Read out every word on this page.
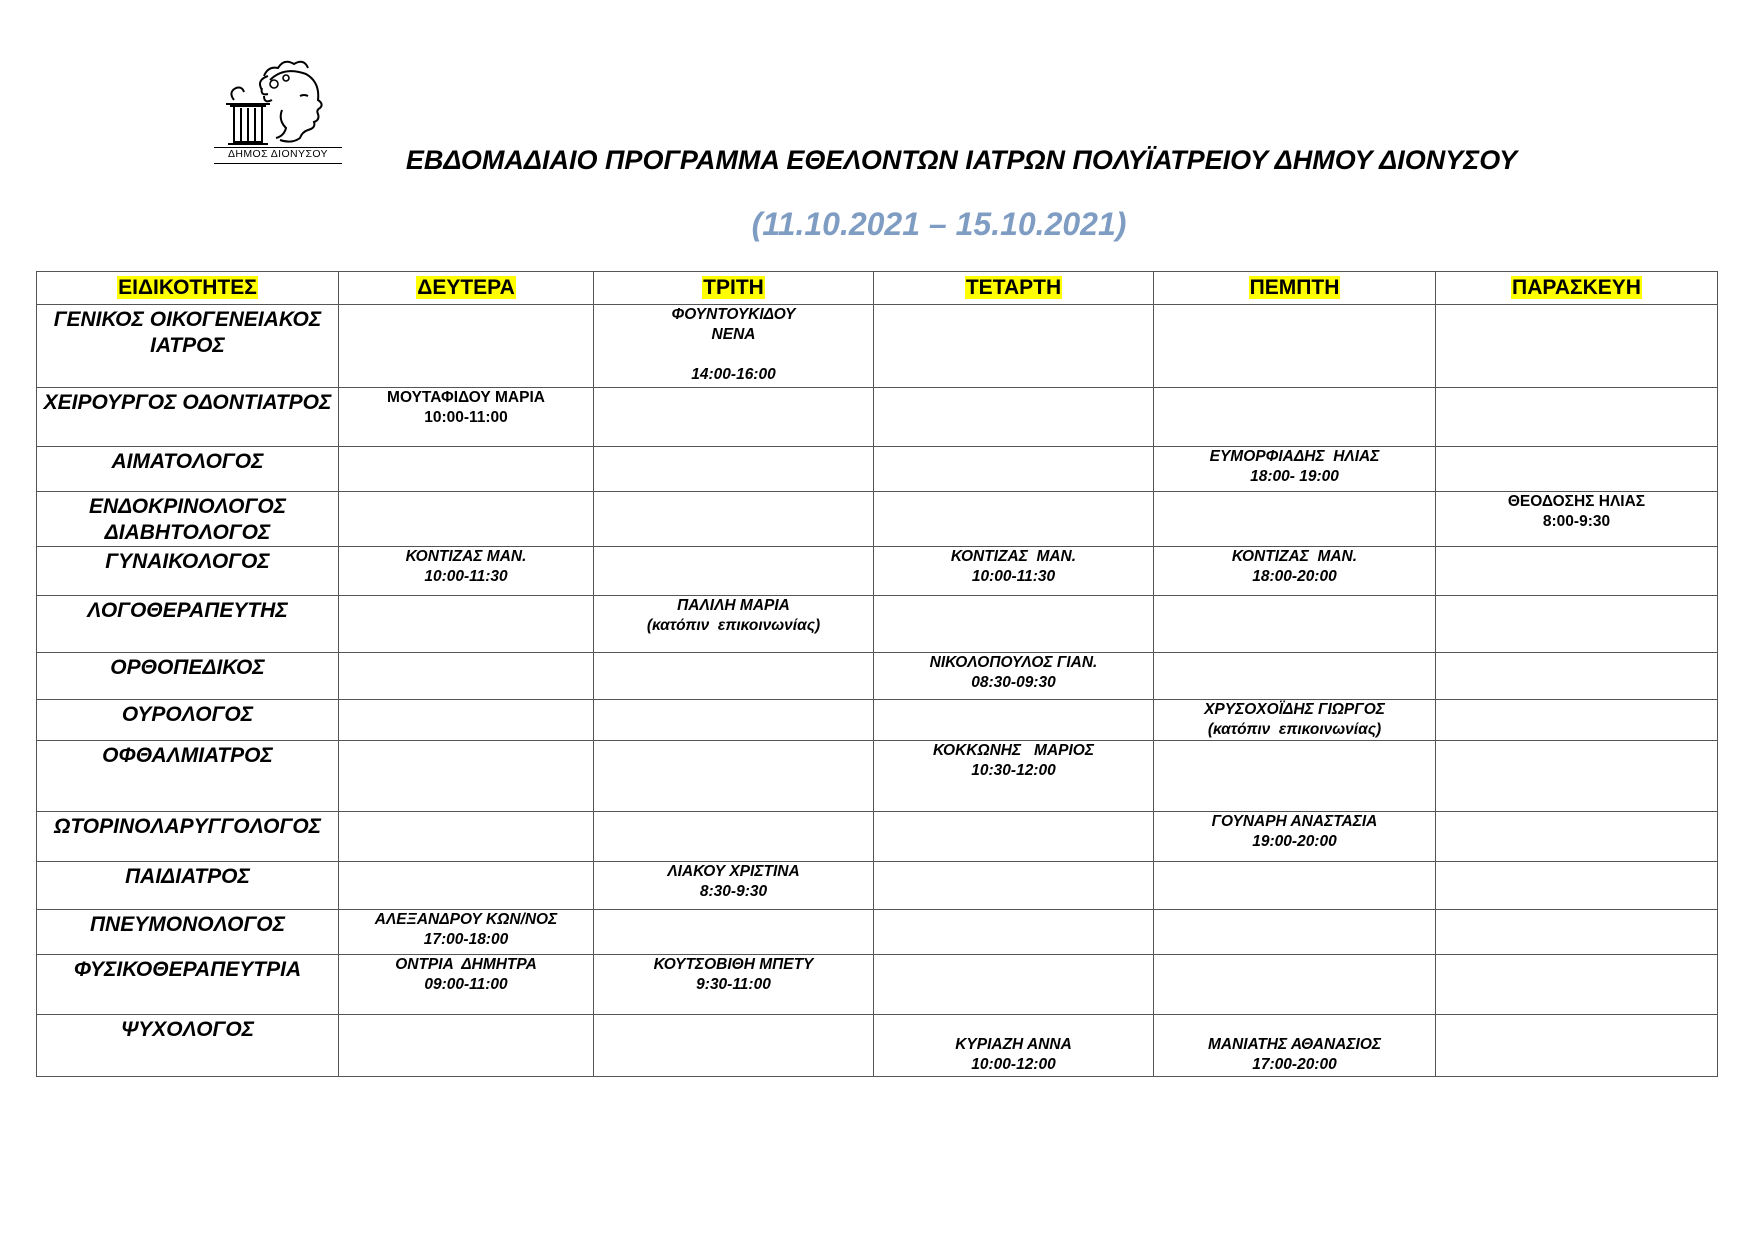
ΔΗΜΟΣ ΔΙΟΝΥΣΟΥ	ΕΒΔΟΜΑΔΙΑΙΟ ΠΡΟΓΡΑΜΜΑ ΕΘΕΛΟΝΤΩΝ ΙΑΤΡΩΝ ΠΟΛΥΪΑΤΡΕΙΟΥ ΔΗΜΟΥ ΔΙΟΝΥΣΟΥ
(11.10.2021 – 15.10.2021)
ΕΙΔΙΚΟΤΗΤΕΣ	ΔΕΥΤΕΡΑ	ΤΡΙΤΗ	ΤΕΤΑΡΤΗ	ΠΕΜΠΤΗ	ΠΑΡΑΣΚΕΥΗ
ΓΕΝΙΚΟΣ ΟΙΚΟΓΕΝΕΙΑΚΟΣ ΙΑΤΡΟΣ		ΦΟΥΝΤΟΥΚΙΔΟΥ
ΝΕΝΑ

14:00-16:00			

ΧΕΙΡΟΥΡΓΟΣ ΟΔΟΝΤΙΑΤΡΟΣ	ΜΟΥΤΑΦΙΔΟΥ ΜΑΡΙΑ
10:00-11:00				

ΑΙΜΑΤΟΛΟΓΟΣ				ΕΥΜΟΡΦΙΑΔΗΣ  ΗΛΙΑΣ
18:00- 19:00	

ΕΝΔΟΚΡΙΝΟΛΟΓΟΣ ΔΙΑΒΗΤΟΛΟΓΟΣ					ΘΕΟΔΟΣΗΣ ΗΛΙΑΣ
8:00-9:30

ΓΥΝΑΙΚΟΛΟΓΟΣ	ΚΟΝΤΙΖΑΣ ΜΑΝ.
10:00-11:30		ΚΟΝΤΙΖΑΣ  ΜΑΝ.
10:00-11:30	ΚΟΝΤΙΖΑΣ  ΜΑΝ.
18:00-20:00	

ΛΟΓΟΘΕΡΑΠΕΥΤΗΣ		ΠΑΛΙΛΗ ΜΑΡΙΑ
(κατόπιν  επικοινωνίας)			

ΟΡΘΟΠΕΔΙΚΟΣ			ΝΙΚΟΛΟΠΟΥΛΟΣ ΓΙΑΝ.
08:30-09:30		

ΟΥΡΟΛΟΓΟΣ				ΧΡΥΣΟΧΟΪΔΗΣ ΓΙΩΡΓΟΣ
(κατόπιν  επικοινωνίας)	

ΟΦΘΑΛΜΙΑΤΡΟΣ			ΚΟΚΚΩΝΗΣ   ΜΑΡΙΟΣ
10:30-12:00		

ΩΤΟΡΙΝΟΛΑΡΥΓΓΟΛΟΓΟΣ				ΓΟΥΝΑΡΗ ΑΝΑΣΤΑΣΙΑ
19:00-20:00	

ΠΑΙΔΙΑΤΡΟΣ		ΛΙΑΚΟΥ ΧΡΙΣΤΙΝΑ
8:30-9:30			

ΠΝΕΥΜΟΝΟΛΟΓΟΣ	ΑΛΕΞΑΝΔΡΟΥ ΚΩΝ/ΝΟΣ
17:00-18:00				

ΦΥΣΙΚΟΘΕΡΑΠΕΥΤΡΙΑ	ΟΝΤΡΙΑ  ΔΗΜΗΤΡΑ
09:00-11:00	ΚΟΥΤΣΟΒΙΘΗ ΜΠΕΤΥ
9:30-11:00			

ΨΥΧΟΛΟΓΟΣ			ΚΥΡΙΑΖΗ ΑΝΝΑ
10:00-12:00	ΜΑΝΙΑΤΗΣ ΑΘΑΝΑΣΙΟΣ
17:00-20:00	
